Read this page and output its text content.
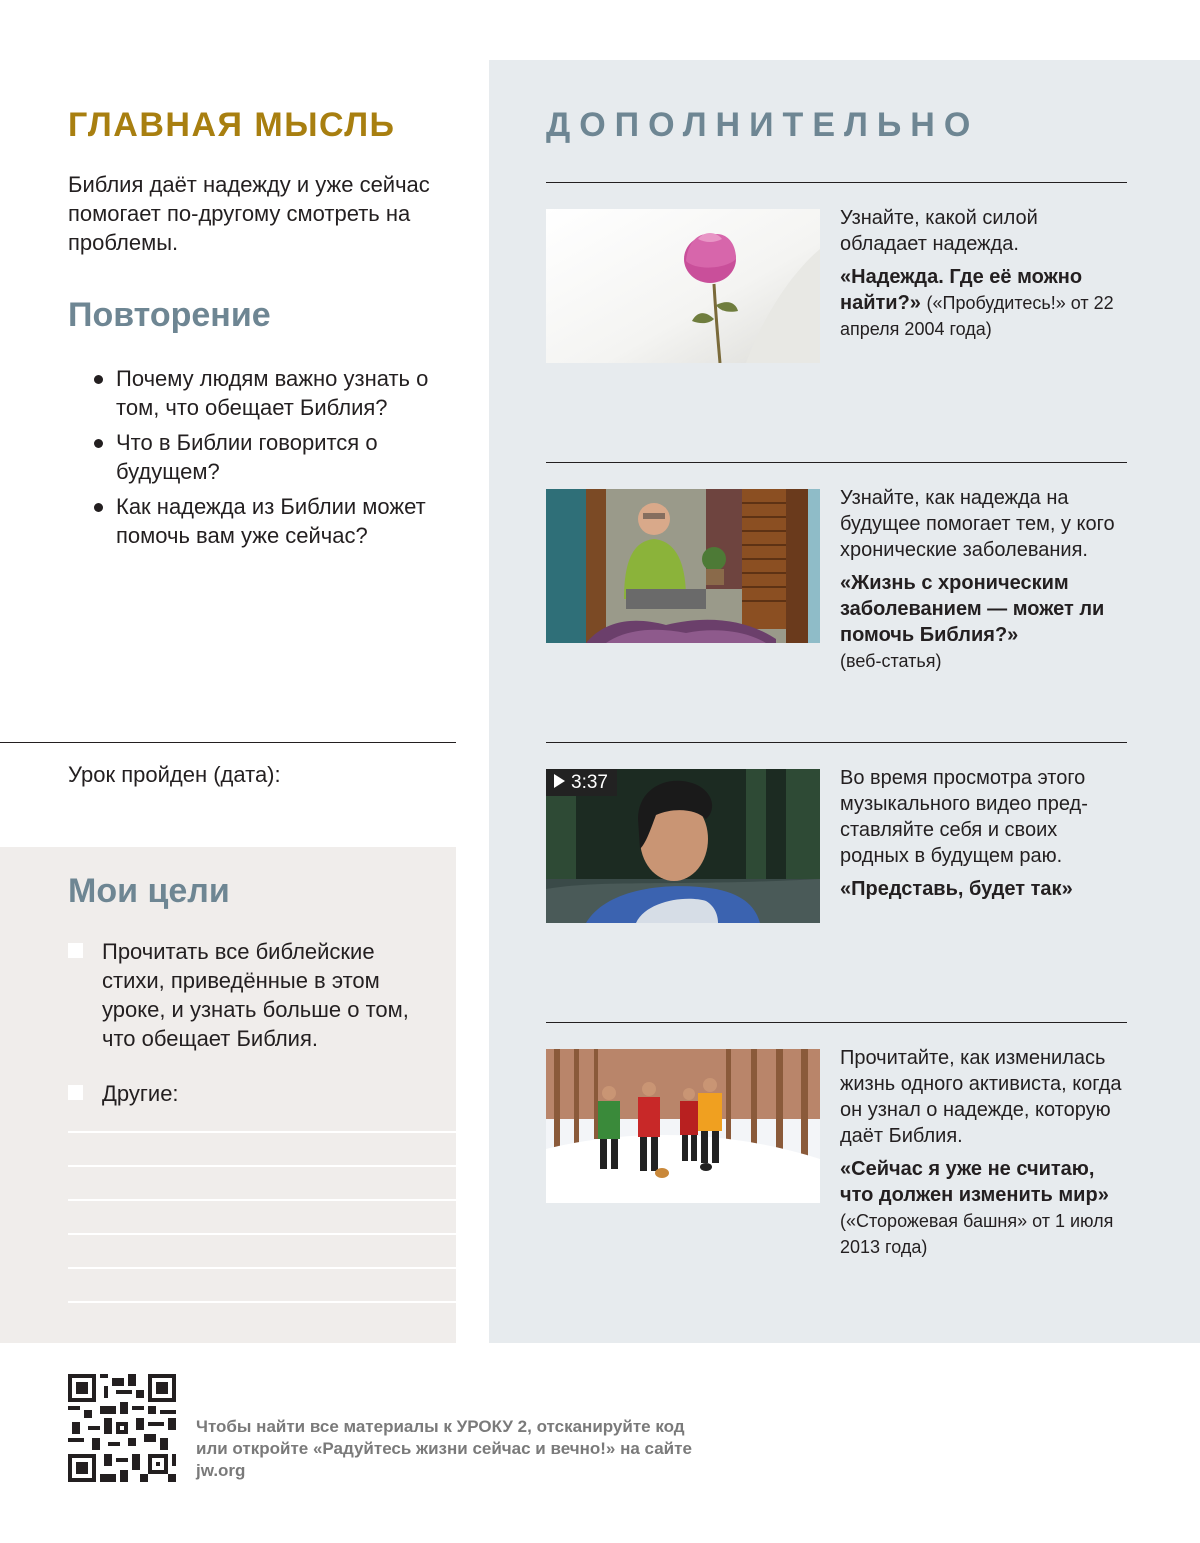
ГЛАВНАЯ МЫСЛЬ

Библия даёт надежду и уже сейчас помогает по-другому смотреть на проблемы.

Повторение
Почему людям важно узнать о том, что обещает Библия?
Что в Библии говорится о будущем?
Как надежда из Библии может помочь вам уже сейчас?
Урок пройден (дата):
Мои цели
Прочитать все библейские стихи, приведённые в этом уроке, и узнать больше о том, что обещает Библия.
Другие:
ДОПОЛНИТЕЛЬНО
Узнайте, какой силой обладает надежда.
«Надежда. Где её можно найти?» («Пробудитесь!» от 22 апреля 2004 года)
Узнайте, как надежда на будущее помогает тем, у кого хронические заболевания.
«Жизнь с хроническим заболеванием — может ли помочь Библия?»
(веб-статья)
3:37	Во время просмотра этого музыкального видео представляйте себя и своих родных в будущем раю.
«Представь, будет так»
Прочитайте, как изменилась жизнь одного активиста, когда он узнал о надежде, которую даёт Библия.
«Сейчас я уже не считаю, что должен изменить мир»
(«Сторожевая башня» от 1 июля 2013 года)

Чтобы найти все материалы к УРОКУ 2, отсканируйте код или откройте «Радуйтесь жизни сейчас и вечно!» на сайте jw.org
